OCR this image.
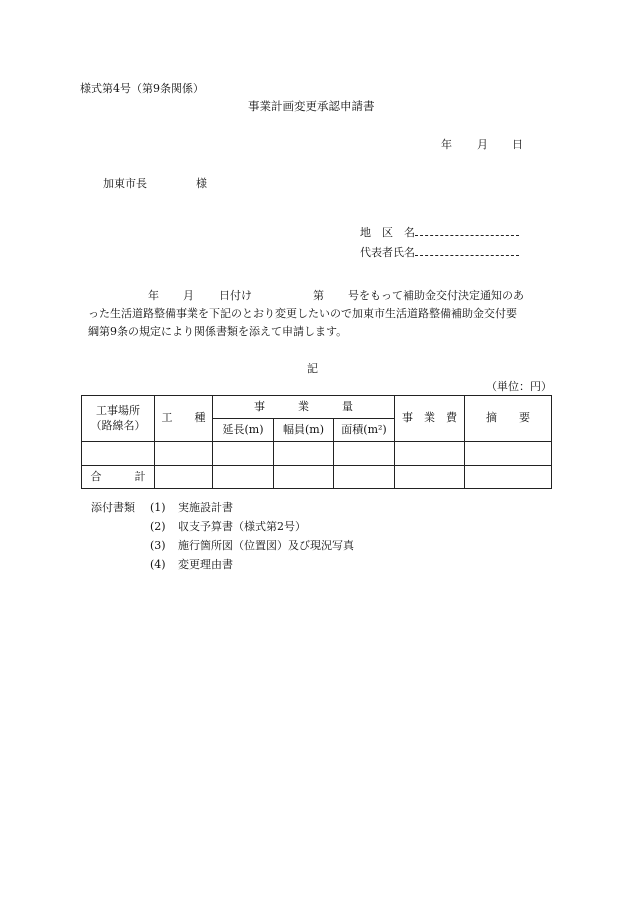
様式第4号（第9条関係）
事業計画変更承認申請書
年 月 日
加東市長	様
地　区　名
代表者氏名
年 月 日付け	第 号をもって補助金交付決定通知のあ
った生活道路整備事業を下記のとおり変更したいので加東市生活道路整備補助金交付要
綱第9条の規定により関係書類を添えて申請します。
記
（単位：円）
工事場所
（路線名）	工　　種	事　　　業　　　量			事　業　費	摘　　要
		延長(m)	幅員(m)	面積(m²)		

合　　　計						
添付書類 (1) 実施設計書
(2) 収支予算書（様式第2号）
(3) 施行箇所図（位置図）及び現況写真
(4) 変更理由書
